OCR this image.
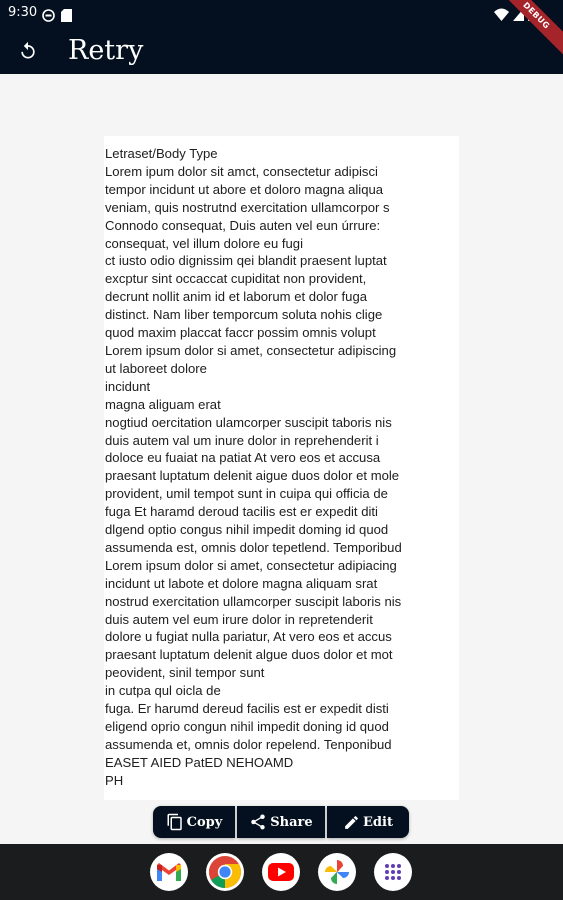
9:30
Retry
DEBUG
Letraset/Body Type
Lorem ipum dolor sit amct, consectetur adipisci
tempor incidunt ut abore et doloro magna aliqua
veniam, quis nostrutnd exercitation ullamcorpor s
Connodo consequat, Duis auten vel eun úrrure:
consequat, vel illum dolore eu fugi
ct iusto odio dignissim qei blandit praesent luptat
excptur sint occaccat cupiditat non provident,
decrunt nollit anim id et laborum et dolor fuga
distinct. Nam liber temporcum soluta nohis clige
quod maxim placcat faccr possim omnis volupt
Lorem ipsum dolor si amet, consectetur adipiscing
ut laboreet dolore
incidunt
magna aliguam erat
nogtiud oercitation ulamcorper suscipit taboris nis
duis autem val um inure dolor in reprehenderit i
doloce eu fuaiat na patiat At vero eos et accusa
praesant luptatum delenit aigue duos dolor et mole
provident, umil tempot sunt in cuipa qui officia de
fuga Et haramd deroud tacilis est er expedit diti
dlgend optio congus nihil impedit doming id quod
assumenda est, omnis dolor tepetlend. Temporibud
Lorem ipsum dolor si amet, consectetur adipiacing
incidunt ut labote et dolore magna aliquam srat
nostrud exercitation ullamcorper suscipit laboris nis
duis autem vel eum irure dolor in repretenderit
dolore u fugiat nulla pariatur, At vero eos et accus
praesant luptatum delenit algue duos dolor et mot
peovident, sinil tempor sunt
in cutpa qul oicla de
fuga. Er harumd dereud facilis est er expedit disti
eligend oprio congun nihil impedit doning id quod
assumenda et, omnis dolor repelend. Tenponibud
EASET AIED PatED NEHOAMD
PH
Copy	Share	Edit
